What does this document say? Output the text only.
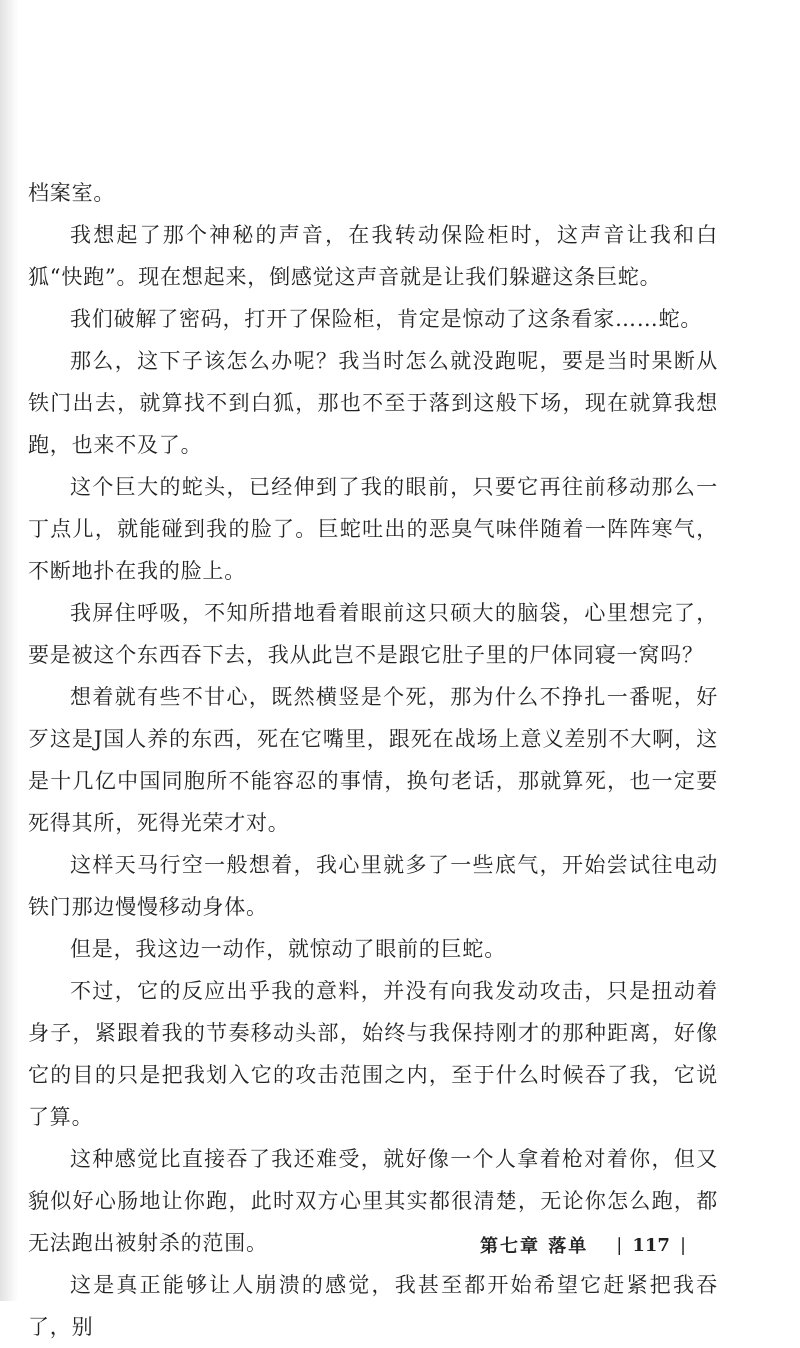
档案室。

我想起了那个神秘的声音，在我转动保险柜时，这声音让我和白狐“快跑”。现在想起来，倒感觉这声音就是让我们躲避这条巨蛇。

我们破解了密码，打开了保险柜，肯定是惊动了这条看家……蛇。

那么，这下子该怎么办呢？我当时怎么就没跑呢，要是当时果断从铁门出去，就算找不到白狐，那也不至于落到这般下场，现在就算我想跑，也来不及了。

这个巨大的蛇头，已经伸到了我的眼前，只要它再往前移动那么一丁点儿，就能碰到我的脸了。巨蛇吐出的恶臭气味伴随着一阵阵寒气，不断地扑在我的脸上。

我屏住呼吸，不知所措地看着眼前这只硕大的脑袋，心里想完了，要是被这个东西吞下去，我从此岂不是跟它肚子里的尸体同寝一窝吗？

想着就有些不甘心，既然横竖是个死，那为什么不挣扎一番呢，好歹这是J国人养的东西，死在它嘴里，跟死在战场上意义差别不大啊，这是十几亿中国同胞所不能容忍的事情，换句老话，那就算死，也一定要死得其所，死得光荣才对。

这样天马行空一般想着，我心里就多了一些底气，开始尝试往电动铁门那边慢慢移动身体。

但是，我这边一动作，就惊动了眼前的巨蛇。

不过，它的反应出乎我的意料，并没有向我发动攻击，只是扭动着身子，紧跟着我的节奏移动头部，始终与我保持刚才的那种距离，好像它的目的只是把我划入它的攻击范围之内，至于什么时候吞了我，它说了算。

这种感觉比直接吞了我还难受，就好像一个人拿着枪对着你，但又貌似好心肠地让你跑，此时双方心里其实都很清楚，无论你怎么跑，都无法跑出被射杀的范围。

这是真正能够让人崩溃的感觉，我甚至都开始希望它赶紧把我吞了，别

第七章 落单 | 117 |
